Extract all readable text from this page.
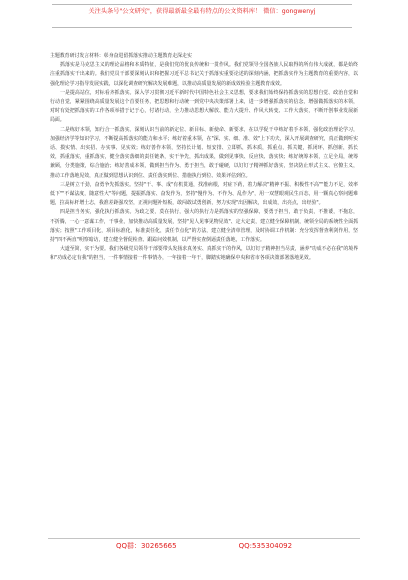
关注头条号"公文研究"，获得最新最全最有特点的公文资料库！ 微信：gongwenyj

主题教育研讨发言材料：彰身奋进留抓落实推动主题教育走深走实

抓落实是马克思主义的理论品格和本质特征，是我们党的优良传统和一贯作风。我们党领导全国各族人民取得的所有伟大成就，都是始终注重抓落实干出来的。我们党员干部要深刻认识和把握习近平总书记关于抓落实重要论述的深刻内涵，把抓落实作为主题教育的重要内容，以强化理论学习指导发展实践，以深化调查研究解决发展难题，以推动高质量发展的新成效检验主题教育成效。

一是提高站位，对标看齐抓落实。深入学习贯彻习近平新时代中国特色社会主义思想，要求我们始终保持抓落实的思想自觉、政治自觉和行动自觉，紧紧围绕高质量发展这个首要任务，把思想和行动统一到党中央决策部署上来，进一步增强抓落实的信念，增强做抓落实的本领，对时有处把抓落实的工作各项举措于记于心，付诸行动，全力推动思想大解放、能力大提升、作风大转变、工作大落实，不断开创事业发展新局面。

二是练好本领，知行合一抓落实。深刻认识当前的新定位、新目标、新使命、新要求，在以学促干中练好着手本领，强化政治理论学习，加强经济学等知识学习，不断提高抓落实的能力和水平；练好着重本领，在"深、实、细、准、效"上下功夫，深入开展调查研究，真正做到听实话、摸实情、出实招、办实事、见实效；练好善作本领，坚持长计划、短安排、立即抓，抓本质，抓重点，抓关键，抓闭环，抓创新，抓长效，抓重落实，重抓落实，健全落实落细的责任链条，实干争先，抓出成果，做到见事快、反应快、落实快；练好统筹本领，立足全局，统筹兼顾，分类施策，综合施治；练好善成本领，做到担当作为、勇于担当，敢于碰硬，以钉钉子精神抓好落实，坚决防止形式主义、官僚主义，推动工作落地见效，真正做到思想认识到位、责任落实到位、措施执行到位、效果评估到位。

三是树立干劲，奋勇争先抓落实。坚持"干、事、成"有机贯通，找准病根，对症下药，着力解决"精神不振、积极性不高""能力不足，效率低下""不谋法度，随意性大"等问题，提振抓落实、奋发作为，坚持"慢作为、不作为、乱作为"，用一双慧眼观民生百态，用一颗真心察问题难题，拉高标杆增士志，我准差距强攻坚，正视问题补短板，敢闯敢试勇创新，努力实现"出因解决，出成效，出亮点，出经验"。

四是担当务实，强化执行抓落实。为政之要，莫在执行，强大的执行力是抓落实的坚强保障，要勇于担当，敢于负责，不推诿，不拖怠，不折腾，一心一意谋工作，干事业，加快推动高质量发展，坚持"见人见事见物见效"、定大定责，建立健全保障机制，统领全局的系统性全面抓落实；按照"工作项目化，项目标准化，标准责任化，责任节点化"的方法，建立健全清单管理，及时协调工作机制：充分发挥督查利剑作用，坚持"四不两直"明察暗访，建立健全督促检查、跟踪问效机制，以严督实查倒逼责任落地，工作落实。

大道至简，实干为要。我们各级党员领导干部要带头发扬求真务实、真抓实干的作风，以钉钉子精神担当尽责，涵养"功成不必在我"的境界和"功成必定有我"的担当，一件事情接着一件事情办，一年接着一年干，脚踏实地确保中央和省市各项决策部署落地见效。

QQ群：30265665	QQ:535304092
